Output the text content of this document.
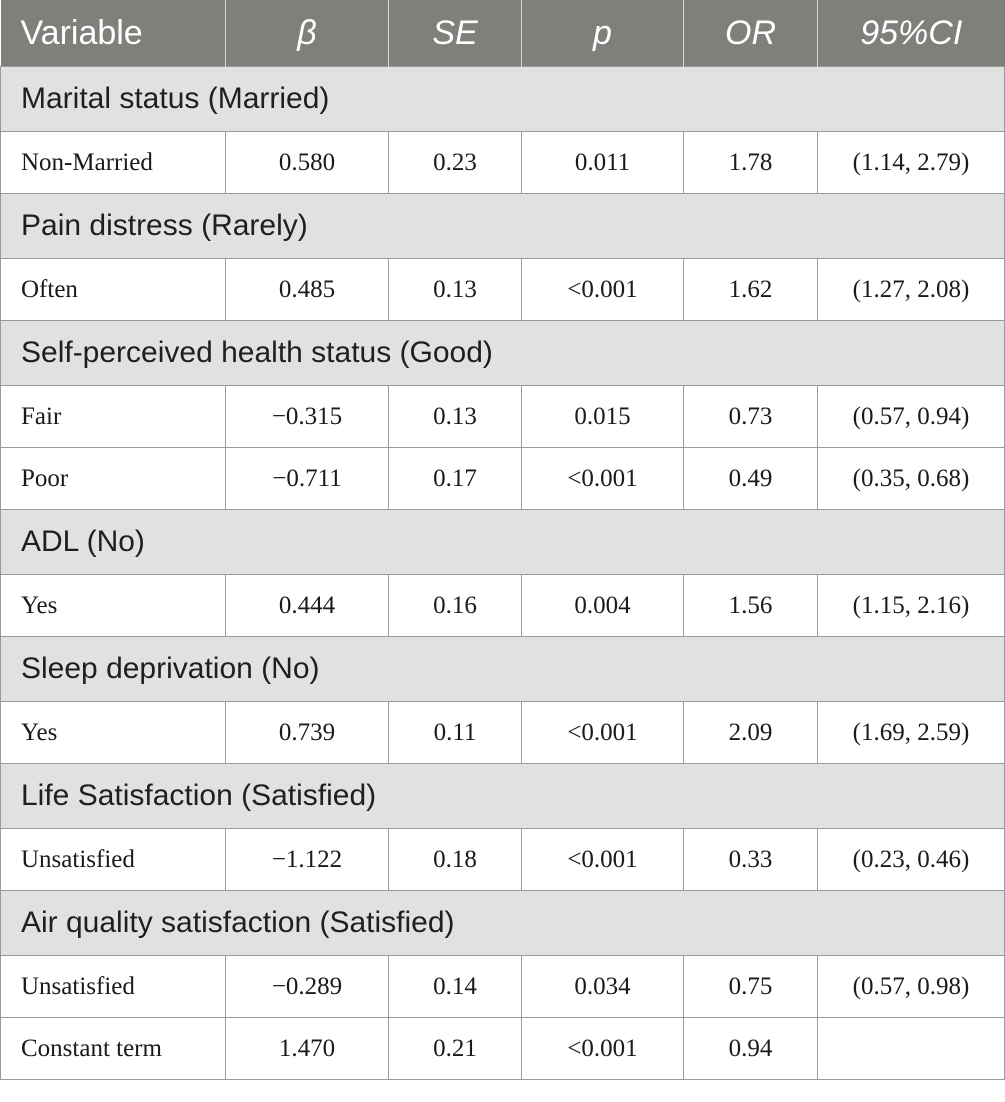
Variable	β	SE	p	OR	95%CI
Marital status (Married)					
Non-Married	0.580	0.23	0.011	1.78	(1.14, 2.79)
Pain distress (Rarely)					
Often	0.485	0.13	<0.001	1.62	(1.27, 2.08)
Self-perceived health status (Good)					
Fair	−0.315	0.13	0.015	0.73	(0.57, 0.94)
Poor	−0.711	0.17	<0.001	0.49	(0.35, 0.68)
ADL (No)					
Yes	0.444	0.16	0.004	1.56	(1.15, 2.16)
Sleep deprivation (No)					
Yes	0.739	0.11	<0.001	2.09	(1.69, 2.59)
Life Satisfaction (Satisfied)					
Unsatisfied	−1.122	0.18	<0.001	0.33	(0.23, 0.46)
Air quality satisfaction (Satisfied)					
Unsatisfied	−0.289	0.14	0.034	0.75	(0.57, 0.98)
Constant term	1.470	0.21	<0.001	0.94	
